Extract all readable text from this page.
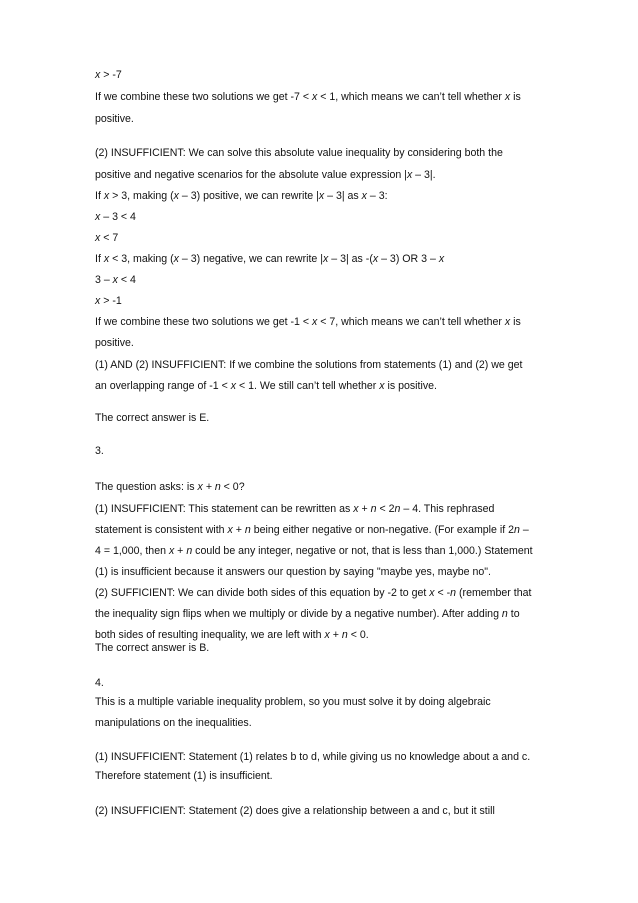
x > -7
If we combine these two solutions we get -7 < x < 1, which means we can’t tell whether x is
positive.
(2) INSUFFICIENT: We can solve this absolute value inequality by considering both the
positive and negative scenarios for the absolute value expression |x – 3|.
If x > 3, making (x – 3) positive, we can rewrite |x – 3| as x – 3:
x – 3 < 4
x < 7
If x < 3, making (x – 3) negative, we can rewrite |x – 3| as -(x – 3) OR 3 – x
3 – x < 4
x > -1
If we combine these two solutions we get -1 < x < 7, which means we can’t tell whether x is
positive.
(1) AND (2) INSUFFICIENT: If we combine the solutions from statements (1) and (2) we get
an overlapping range of -1 < x < 1. We still can’t tell whether x is positive.
The correct answer is E.
3.
The question asks: is x + n < 0?
(1) INSUFFICIENT: This statement can be rewritten as x + n < 2n – 4. This rephrased
statement is consistent with x + n being either negative or non-negative. (For example if 2n –
4 = 1,000, then x + n could be any integer, negative or not, that is less than 1,000.) Statement
(1) is insufficient because it answers our question by saying "maybe yes, maybe no".
(2) SUFFICIENT: We can divide both sides of this equation by -2 to get x < -n (remember that
the inequality sign flips when we multiply or divide by a negative number). After adding n to
both sides of resulting inequality, we are left with x + n < 0.
The correct answer is B.
4.
This is a multiple variable inequality problem, so you must solve it by doing algebraic
manipulations on the inequalities.
(1) INSUFFICIENT: Statement (1) relates b to d, while giving us no knowledge about a and c.
Therefore statement (1) is insufficient.
(2) INSUFFICIENT: Statement (2) does give a relationship between a and c, but it still
